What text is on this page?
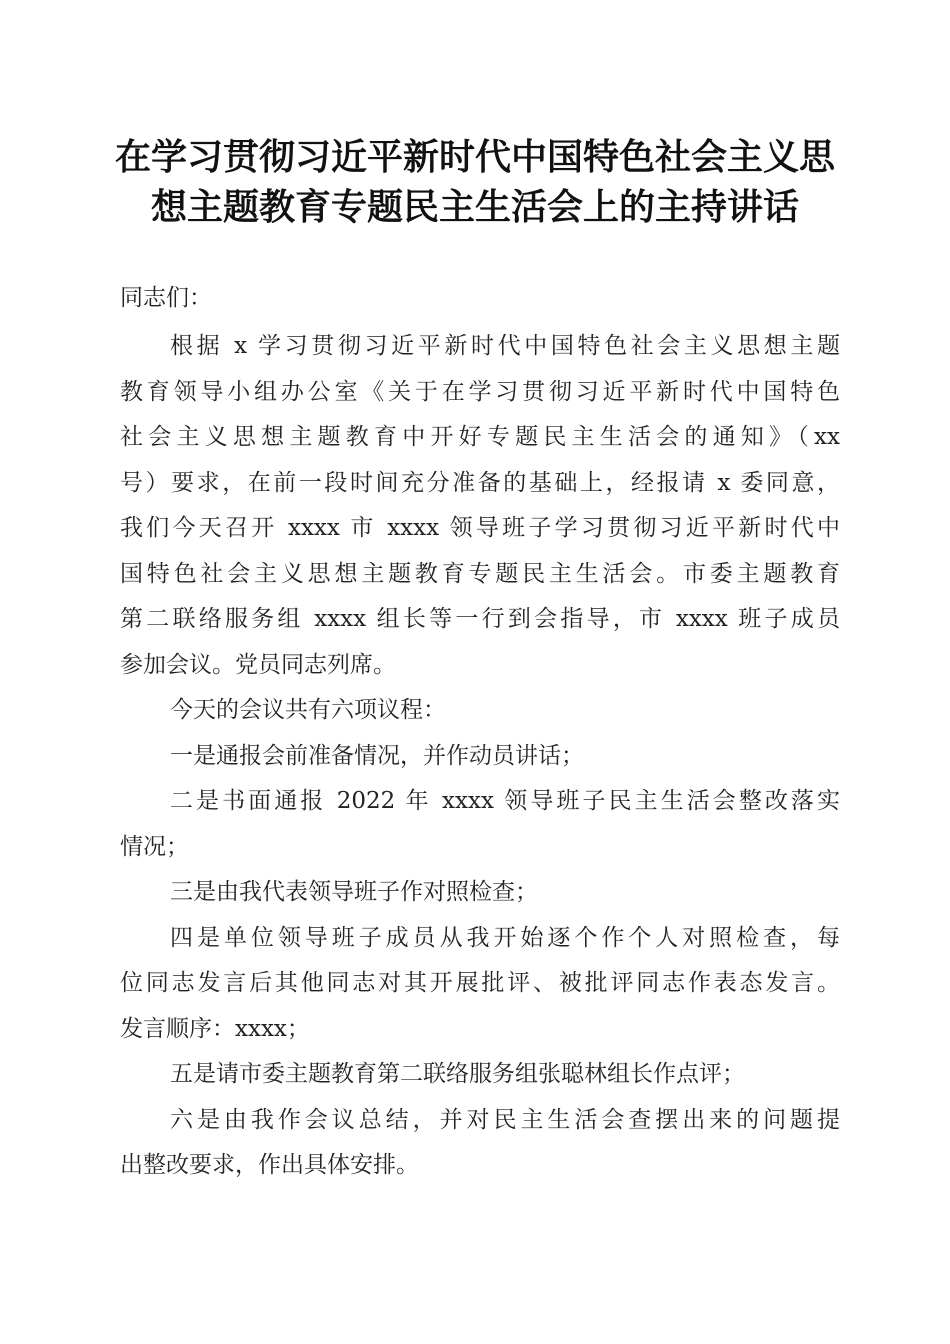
在学习贯彻习近平新时代中国特色社会主义思
想主题教育专题民主生活会上的主持讲话
同志们：
根据 x 学习贯彻习近平新时代中国特色社会主义思想主题
教育领导小组办公室《关于在学习贯彻习近平新时代中国特色
社会主义思想主题教育中开好专题民主生活会的通知》（xx
号）要求，在前一段时间充分准备的基础上，经报请 x 委同意，
我们今天召开 xxxx 市 xxxx 领导班子学习贯彻习近平新时代中
国特色社会主义思想主题教育专题民主生活会。市委主题教育
第二联络服务组 xxxx 组长等一行到会指导，市 xxxx 班子成员
参加会议。党员同志列席。
今天的会议共有六项议程：
一是通报会前准备情况，并作动员讲话；
二是书面通报 2022 年 xxxx 领导班子民主生活会整改落实
情况；
三是由我代表领导班子作对照检查；
四是单位领导班子成员从我开始逐个作个人对照检查，每
位同志发言后其他同志对其开展批评、被批评同志作表态发言。
发言顺序：xxxx；
五是请市委主题教育第二联络服务组张聪林组长作点评；
六是由我作会议总结，并对民主生活会查摆出来的问题提
出整改要求，作出具体安排。
